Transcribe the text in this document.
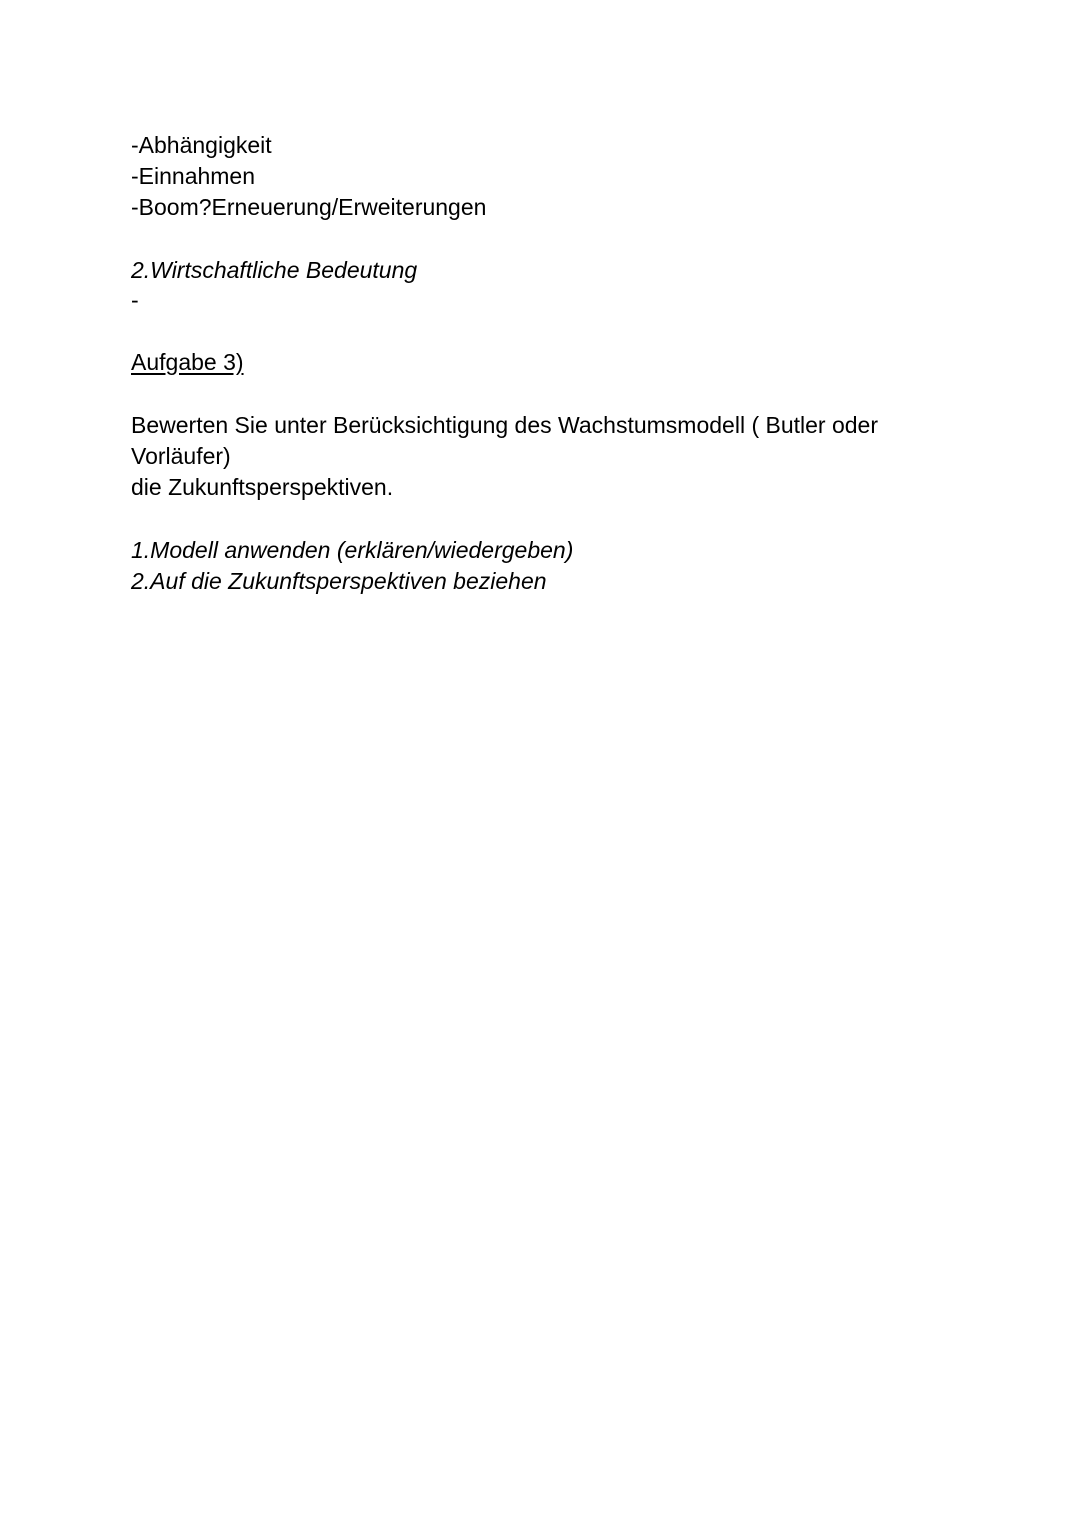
-Abhängigkeit
-Einnahmen
-Boom?Erneuerung/Erweiterungen
2.Wirtschaftliche Bedeutung
-
Aufgabe 3)
Bewerten Sie unter Berücksichtigung des Wachstumsmodell ( Butler oder
Vorläufer)
die Zukunftsperspektiven.
1.Modell anwenden (erklären/wiedergeben)
2.Auf die Zukunftsperspektiven beziehen
